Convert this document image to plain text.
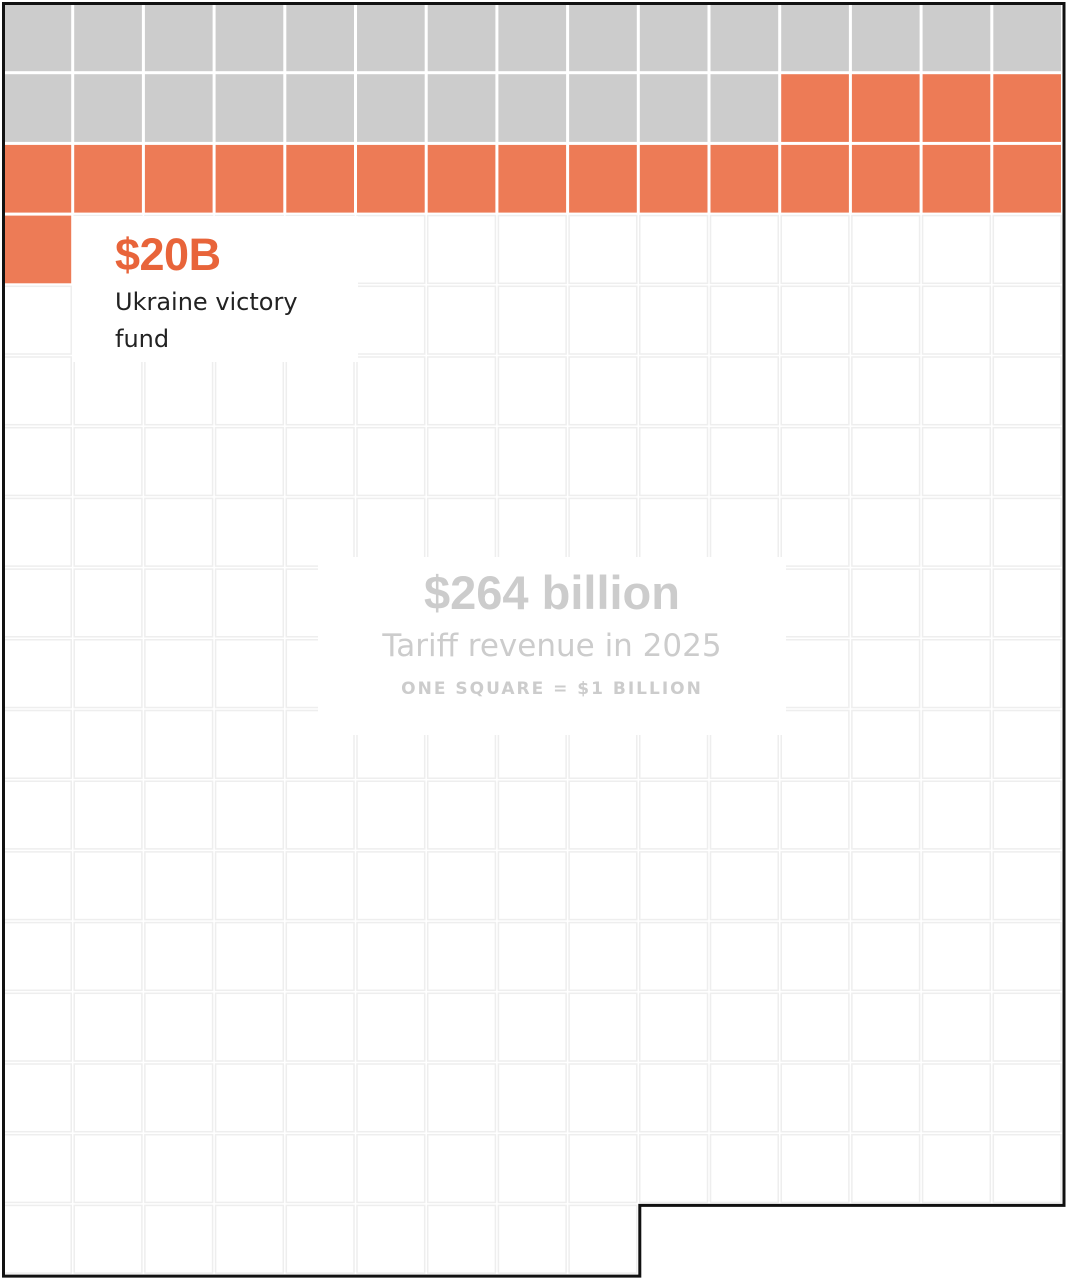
$20B
Ukraine victory fund
$264 billion
Tariff revenue in 2025
ONE SQUARE = $1 BILLION
